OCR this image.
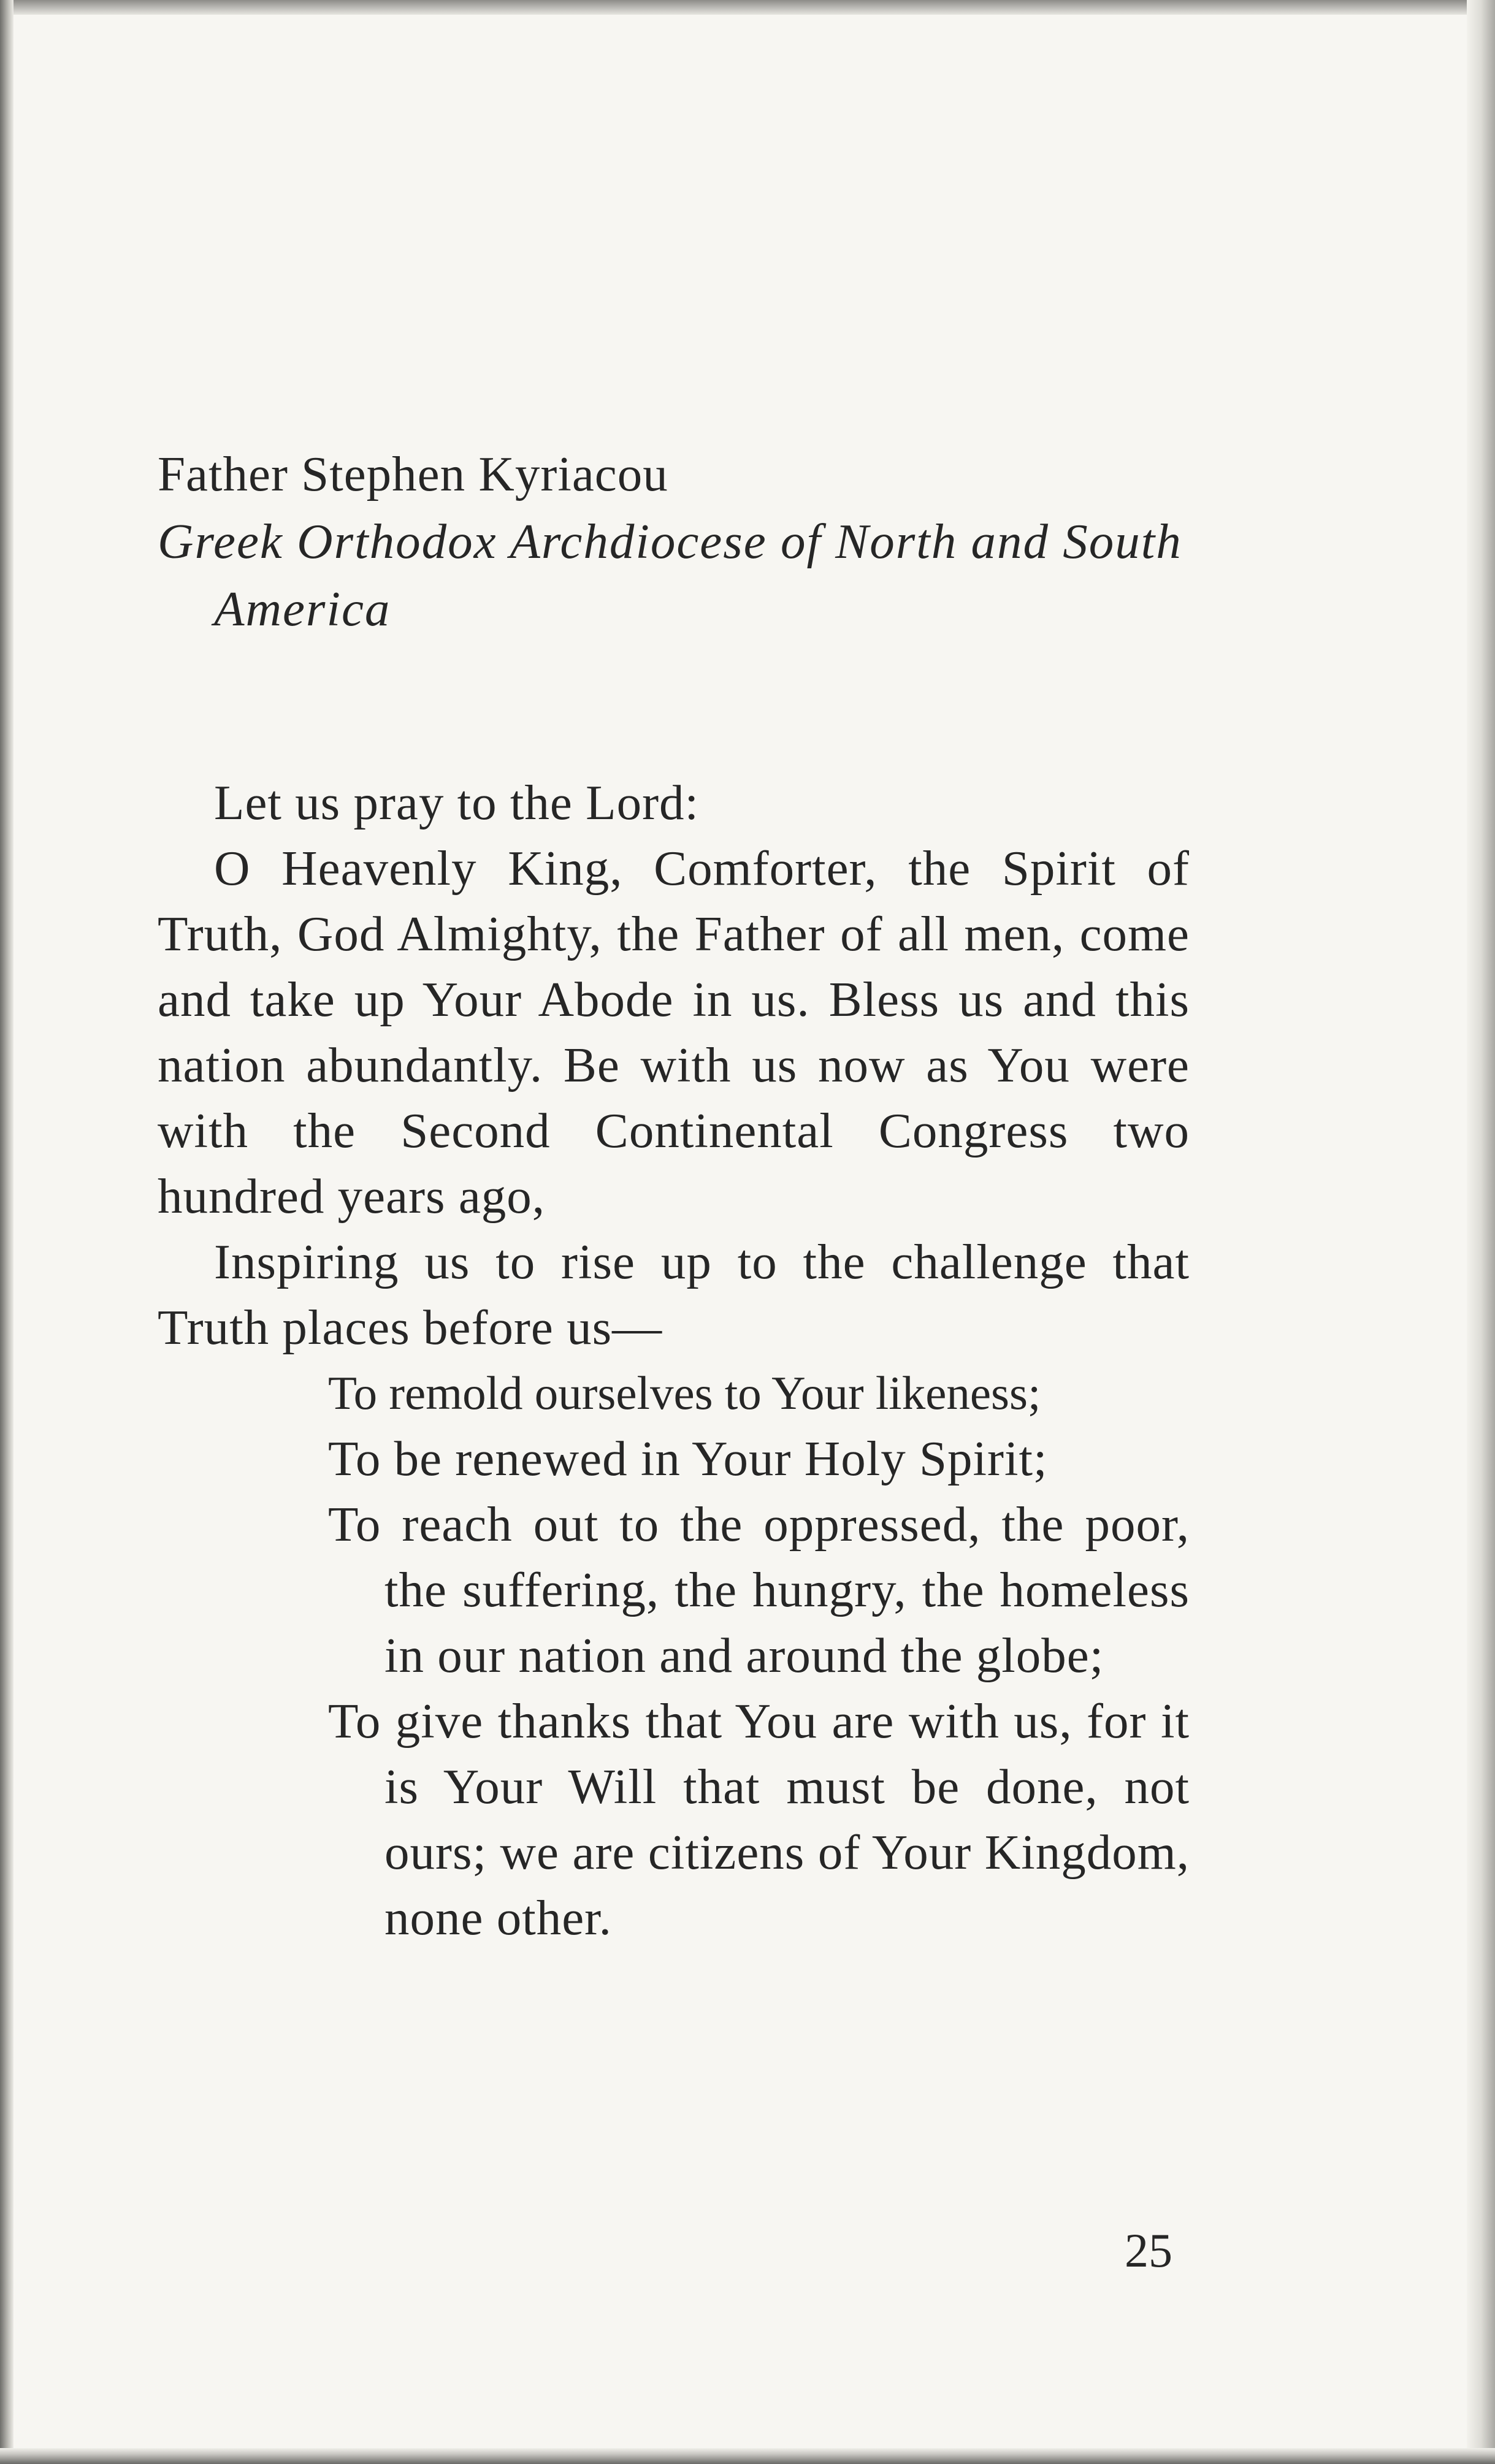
Father Stephen Kyriacou
Greek Orthodox Archdiocese of North and South America

Let us pray to the Lord:

O Heavenly King, Comforter, the Spirit of Truth, God Almighty, the Father of all men, come and take up Your Abode in us. Bless us and this nation abundantly. Be with us now as You were with the Second Continental Congress two hundred years ago,

Inspiring us to rise up to the challenge that Truth places before us—

To remold ourselves to Your likeness;
To be renewed in Your Holy Spirit;
To reach out to the oppressed, the poor, the suffering, the hungry, the homeless in our nation and around the globe;
To give thanks that You are with us, for it is Your Will that must be done, not ours; we are citizens of Your Kingdom, none other.
25
